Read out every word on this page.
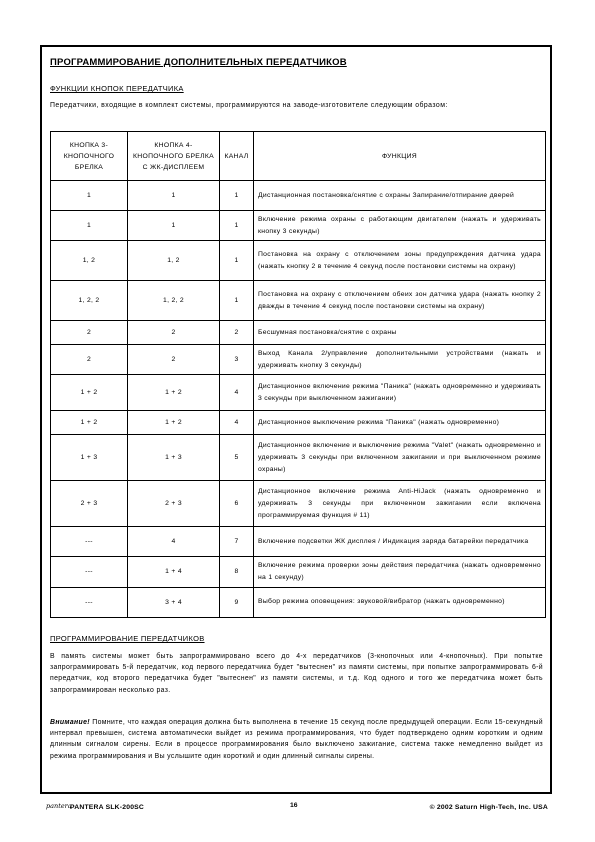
ПРОГРАММИРОВАНИЕ ДОПОЛНИТЕЛЬНЫХ ПЕРЕДАТЧИКОВ
ФУНКЦИИ КНОПОК ПЕРЕДАТЧИКА

Передатчики, входящие в комплект системы, программируются на заводе-изготовителе следующим образом:

КНОПКА 3-КНОПОЧНОГО БРЕЛКА	КНОПКА 4-КНОПОЧНОГО БРЕЛКА С ЖК-ДИСПЛЕЕМ	КАНАЛ	ФУНКЦИЯ
1	1	1	Дистанционная постановка/снятие с охраны Запирание/отпирание дверей
1	1	1	Включение режима охраны с работающим двигателем (нажать и удерживать кнопку 3 секунды)
1, 2	1, 2	1	Постановка на охрану с отключением зоны предупреждения датчика удара (нажать кнопку 2 в течение 4 секунд после постановки системы на охрану)
1, 2, 2	1, 2, 2	1	Постановка на охрану с отключением обеих зон датчика удара (нажать кнопку 2 дважды в течение 4 секунд после постановки системы на охрану)
2	2	2	Бесшумная постановка/снятие с охраны
2	2	3	Выход Канала 2/управление дополнительными устройствами (нажать и удерживать кнопку 3 секунды)
1 + 2	1 + 2	4	Дистанционное включение режима "Паника" (нажать одновременно и удерживать 3 секунды при выключенном зажигании)
1 + 2	1 + 2	4	Дистанционное выключение режима "Паника" (нажать одновременно)
1 + 3	1 + 3	5	Дистанционное включение и выключение режима "Valet" (нажать одновременно и удерживать 3 секунды при включенном зажигании и при выключенном режиме охраны)
2 + 3	2 + 3	6	Дистанционное включение режима Anti-HiJack (нажать одновременно и удерживать 3 секунды при включенном зажигании если включена программируемая функция # 11)
---	4	7	Включение подсветки ЖК дисплея / Индикация заряда батарейки передатчика
---	1 + 4	8	Включение режима проверки зоны действия передатчика (нажать одновременно на 1 секунду)
---	3 + 4	9	Выбор режима оповещения: звуковой/вибратор (нажать одновременно)
ПРОГРАММИРОВАНИЕ ПЕРЕДАТЧИКОВ

В память системы может быть запрограммировано всего до 4-х передатчиков (3-кнопочных или 4-кнопочных). При попытке запрограммировать 5-й передатчик, код первого передатчика будет "вытеснен" из памяти системы, при попытке запрограммировать 6-й передатчик, код второго передатчика будет "вытеснен" из памяти системы, и т.д. Код одного и того же передатчика может быть запрограммирован несколько раз.

Внимание! Помните, что каждая операция должна быть выполнена в течение 15 секунд после предыдущей операции. Если 15-секундный интервал превышен, система автоматически выйдет из режима программирования, что будет подтверждено одним коротким и одним длинным сигналом сирены. Если в процессе программирования было выключено зажигание, система также немедленно выйдет из режима программирования и Вы услышите один короткий и один длинный сигналы сирены.

pantera
PANTERA SLK-200SC	16	© 2002 Saturn High-Tech, Inc. USA
